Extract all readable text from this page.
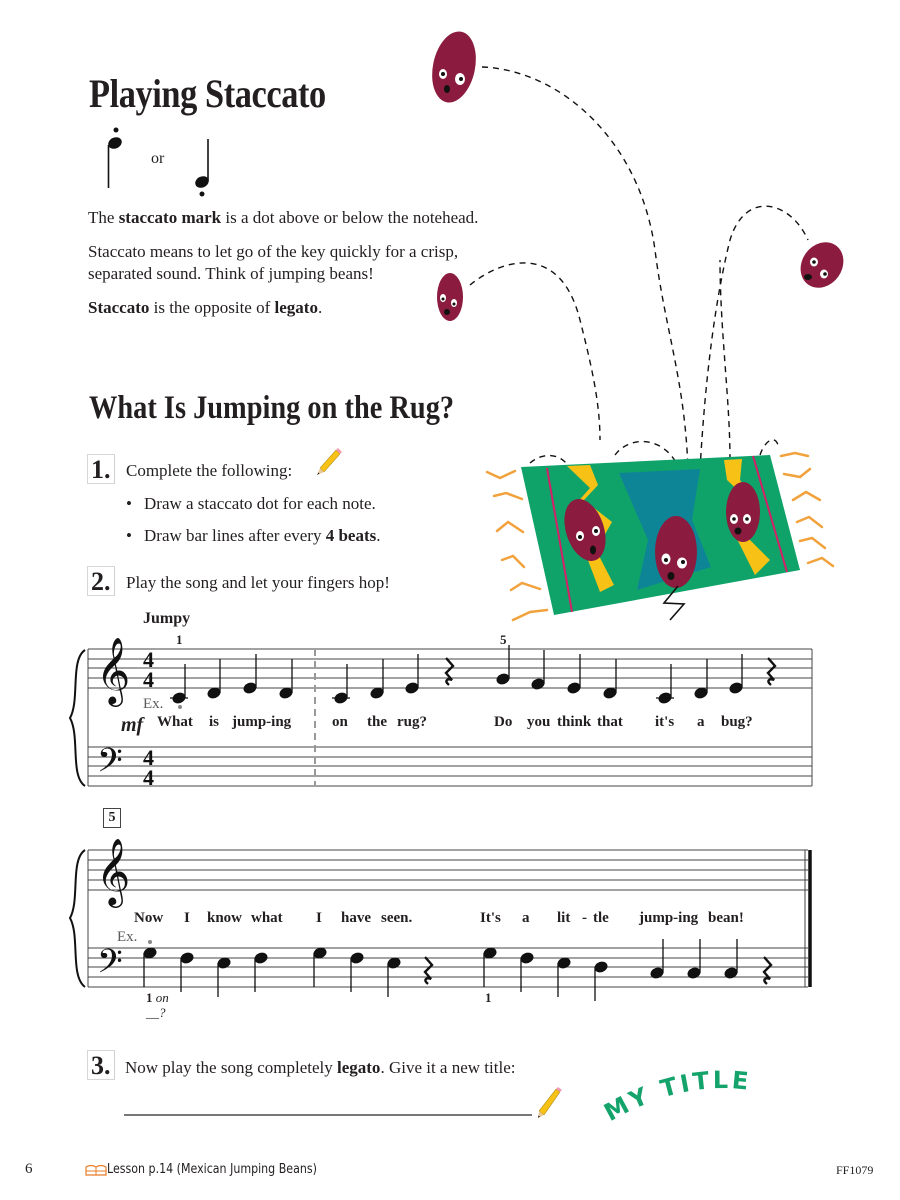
Playing Staccato
or
The staccato mark is a dot above or below the notehead.
Staccato means to let go of the key quickly for a crisp,
separated sound. Think of jumping beans!
Staccato is the opposite of legato.
What Is Jumping on the Rug?
1. Complete the following:
• Draw a staccato dot for each note.
• Draw bar lines after every 4 beats.
2. Play the song and let your fingers hop!
Jumpy
1	5
𝄞
𝄢
4
4
4
4
Ex.
mf What is jump-ing	on the rug?	Do you think that it's a bug?
5
𝄞
𝄢
Ex.
Now I know what I have seen.	It's a lit - tle jump-ing bean!
1 on
__?
1
3. Now play the song completely legato. Give it a new title:
MY TITLE
6	Lesson p.14 (Mexican Jumping Beans)	FF1079
